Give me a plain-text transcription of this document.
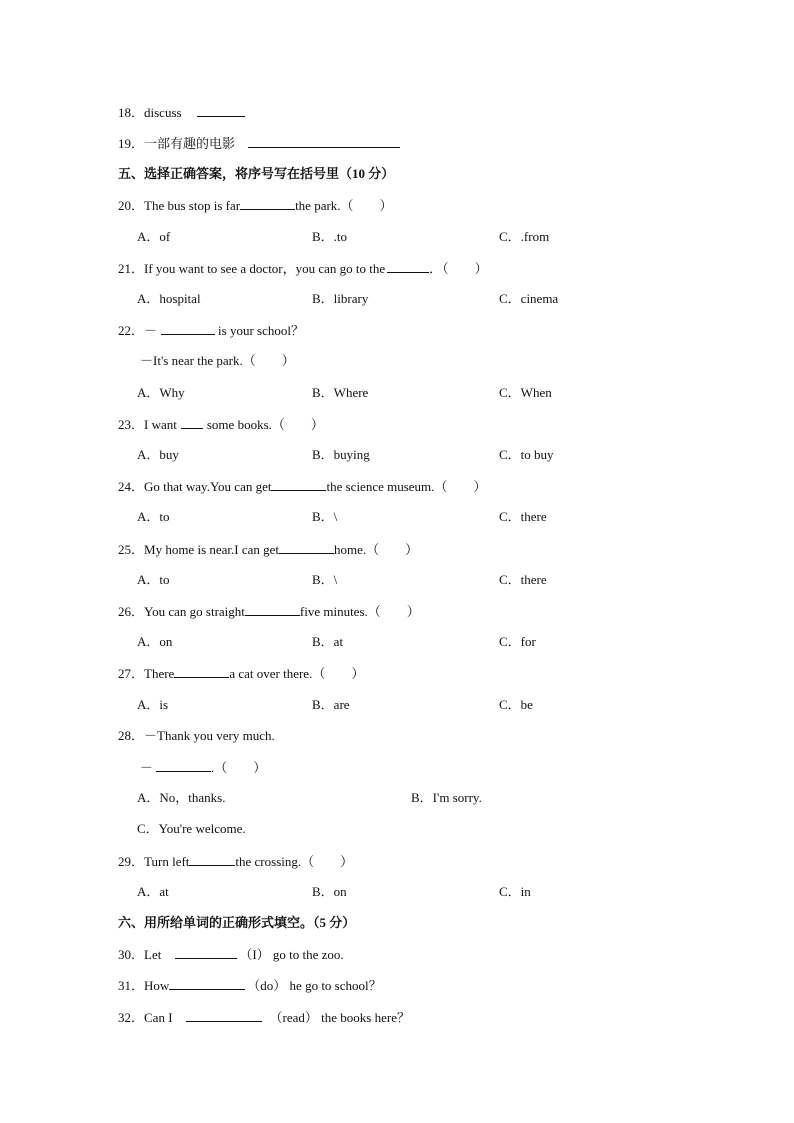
18．discuss
19．一部有趣的电影
五、选择正确答案，将序号写在括号里（10 分）
20．The bus stop is far	the park.（　　）
A．of	B．.to	C．.from
21．If you want to see a doctor，you can go to the	．（　　）
A．hospital	B．library	C．cinema
22．－	is your school？
－It's near the park.（　　）
A．Why	B．Where	C．When
23．I want some books.（　　）
A．buy	B．buying	C．to buy
24．Go that way.You can get	the science museum.（　　）
A．to	B．\	C．there
25．My home is near.I can get	home.（　　）
A．to	B．\	C．there
26．You can go straight	five minutes.（　　）
A．on	B．at	C．for
27．There	a cat over there.（　　）
A．is	B．are	C．be
28．－Thank you very much.
－	.（　　）
A．No，thanks.	B．I'm sorry.
C．You're welcome.
29．Turn left	the crossing.（　　）
A．at	B．on	C．in
六、用所给单词的正确形式填空。（5 分）
30．Let	（I） go to the zoo.
31．How	（do） he go to school？
32．Can I	（read） the books here？
